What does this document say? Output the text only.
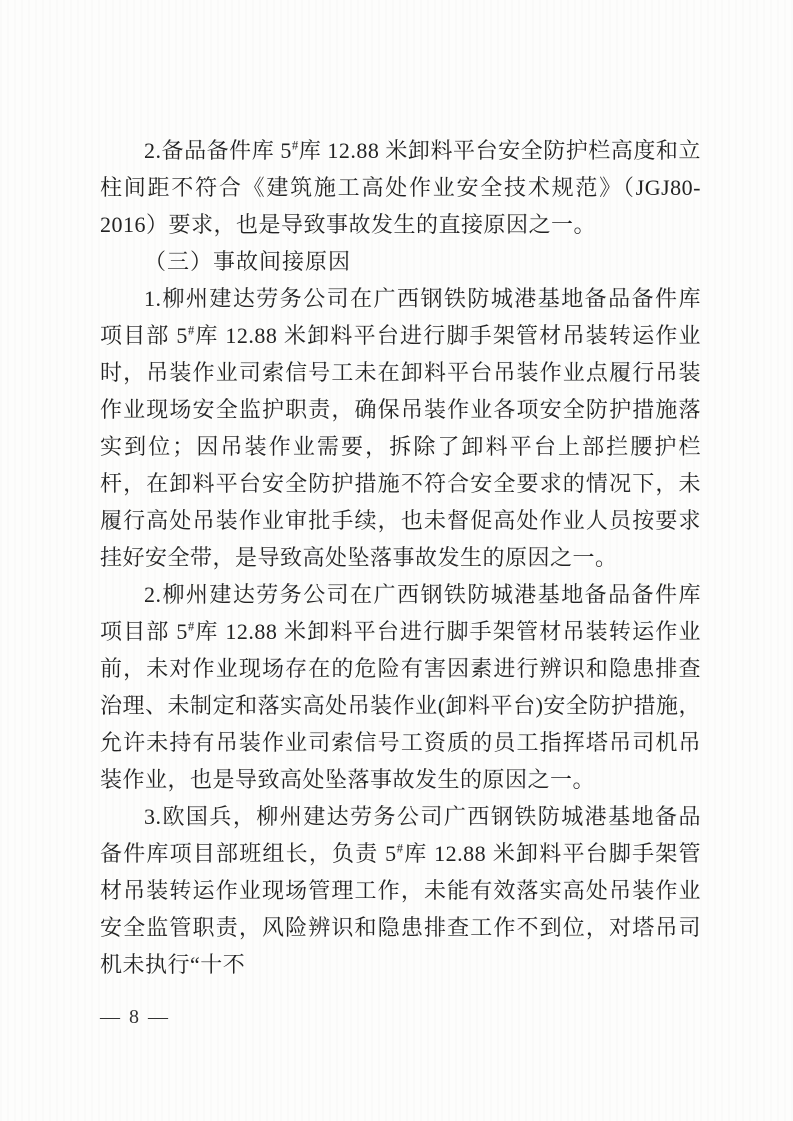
2.备品备件库 5#库 12.88 米卸料平台安全防护栏高度和立柱间距不符合《建筑施工高处作业安全技术规范》（JGJ80-2016）要求，也是导致事故发生的直接原因之一。

（三）事故间接原因

1.柳州建达劳务公司在广西钢铁防城港基地备品备件库项目部 5#库 12.88 米卸料平台进行脚手架管材吊装转运作业时，吊装作业司索信号工未在卸料平台吊装作业点履行吊装作业现场安全监护职责，确保吊装作业各项安全防护措施落实到位；因吊装作业需要，拆除了卸料平台上部拦腰护栏杆，在卸料平台安全防护措施不符合安全要求的情况下，未履行高处吊装作业审批手续，也未督促高处作业人员按要求挂好安全带，是导致高处坠落事故发生的原因之一。

2.柳州建达劳务公司在广西钢铁防城港基地备品备件库项目部 5#库 12.88 米卸料平台进行脚手架管材吊装转运作业前，未对作业现场存在的危险有害因素进行辨识和隐患排查治理、未制定和落实高处吊装作业(卸料平台)安全防护措施，允许未持有吊装作业司索信号工资质的员工指挥塔吊司机吊装作业，也是导致高处坠落事故发生的原因之一。

3.欧国兵，柳州建达劳务公司广西钢铁防城港基地备品备件库项目部班组长，负责 5#库 12.88 米卸料平台脚手架管材吊装转运作业现场管理工作，未能有效落实高处吊装作业安全监管职责，风险辨识和隐患排查工作不到位，对塔吊司机未执行“十不

— 8 —
